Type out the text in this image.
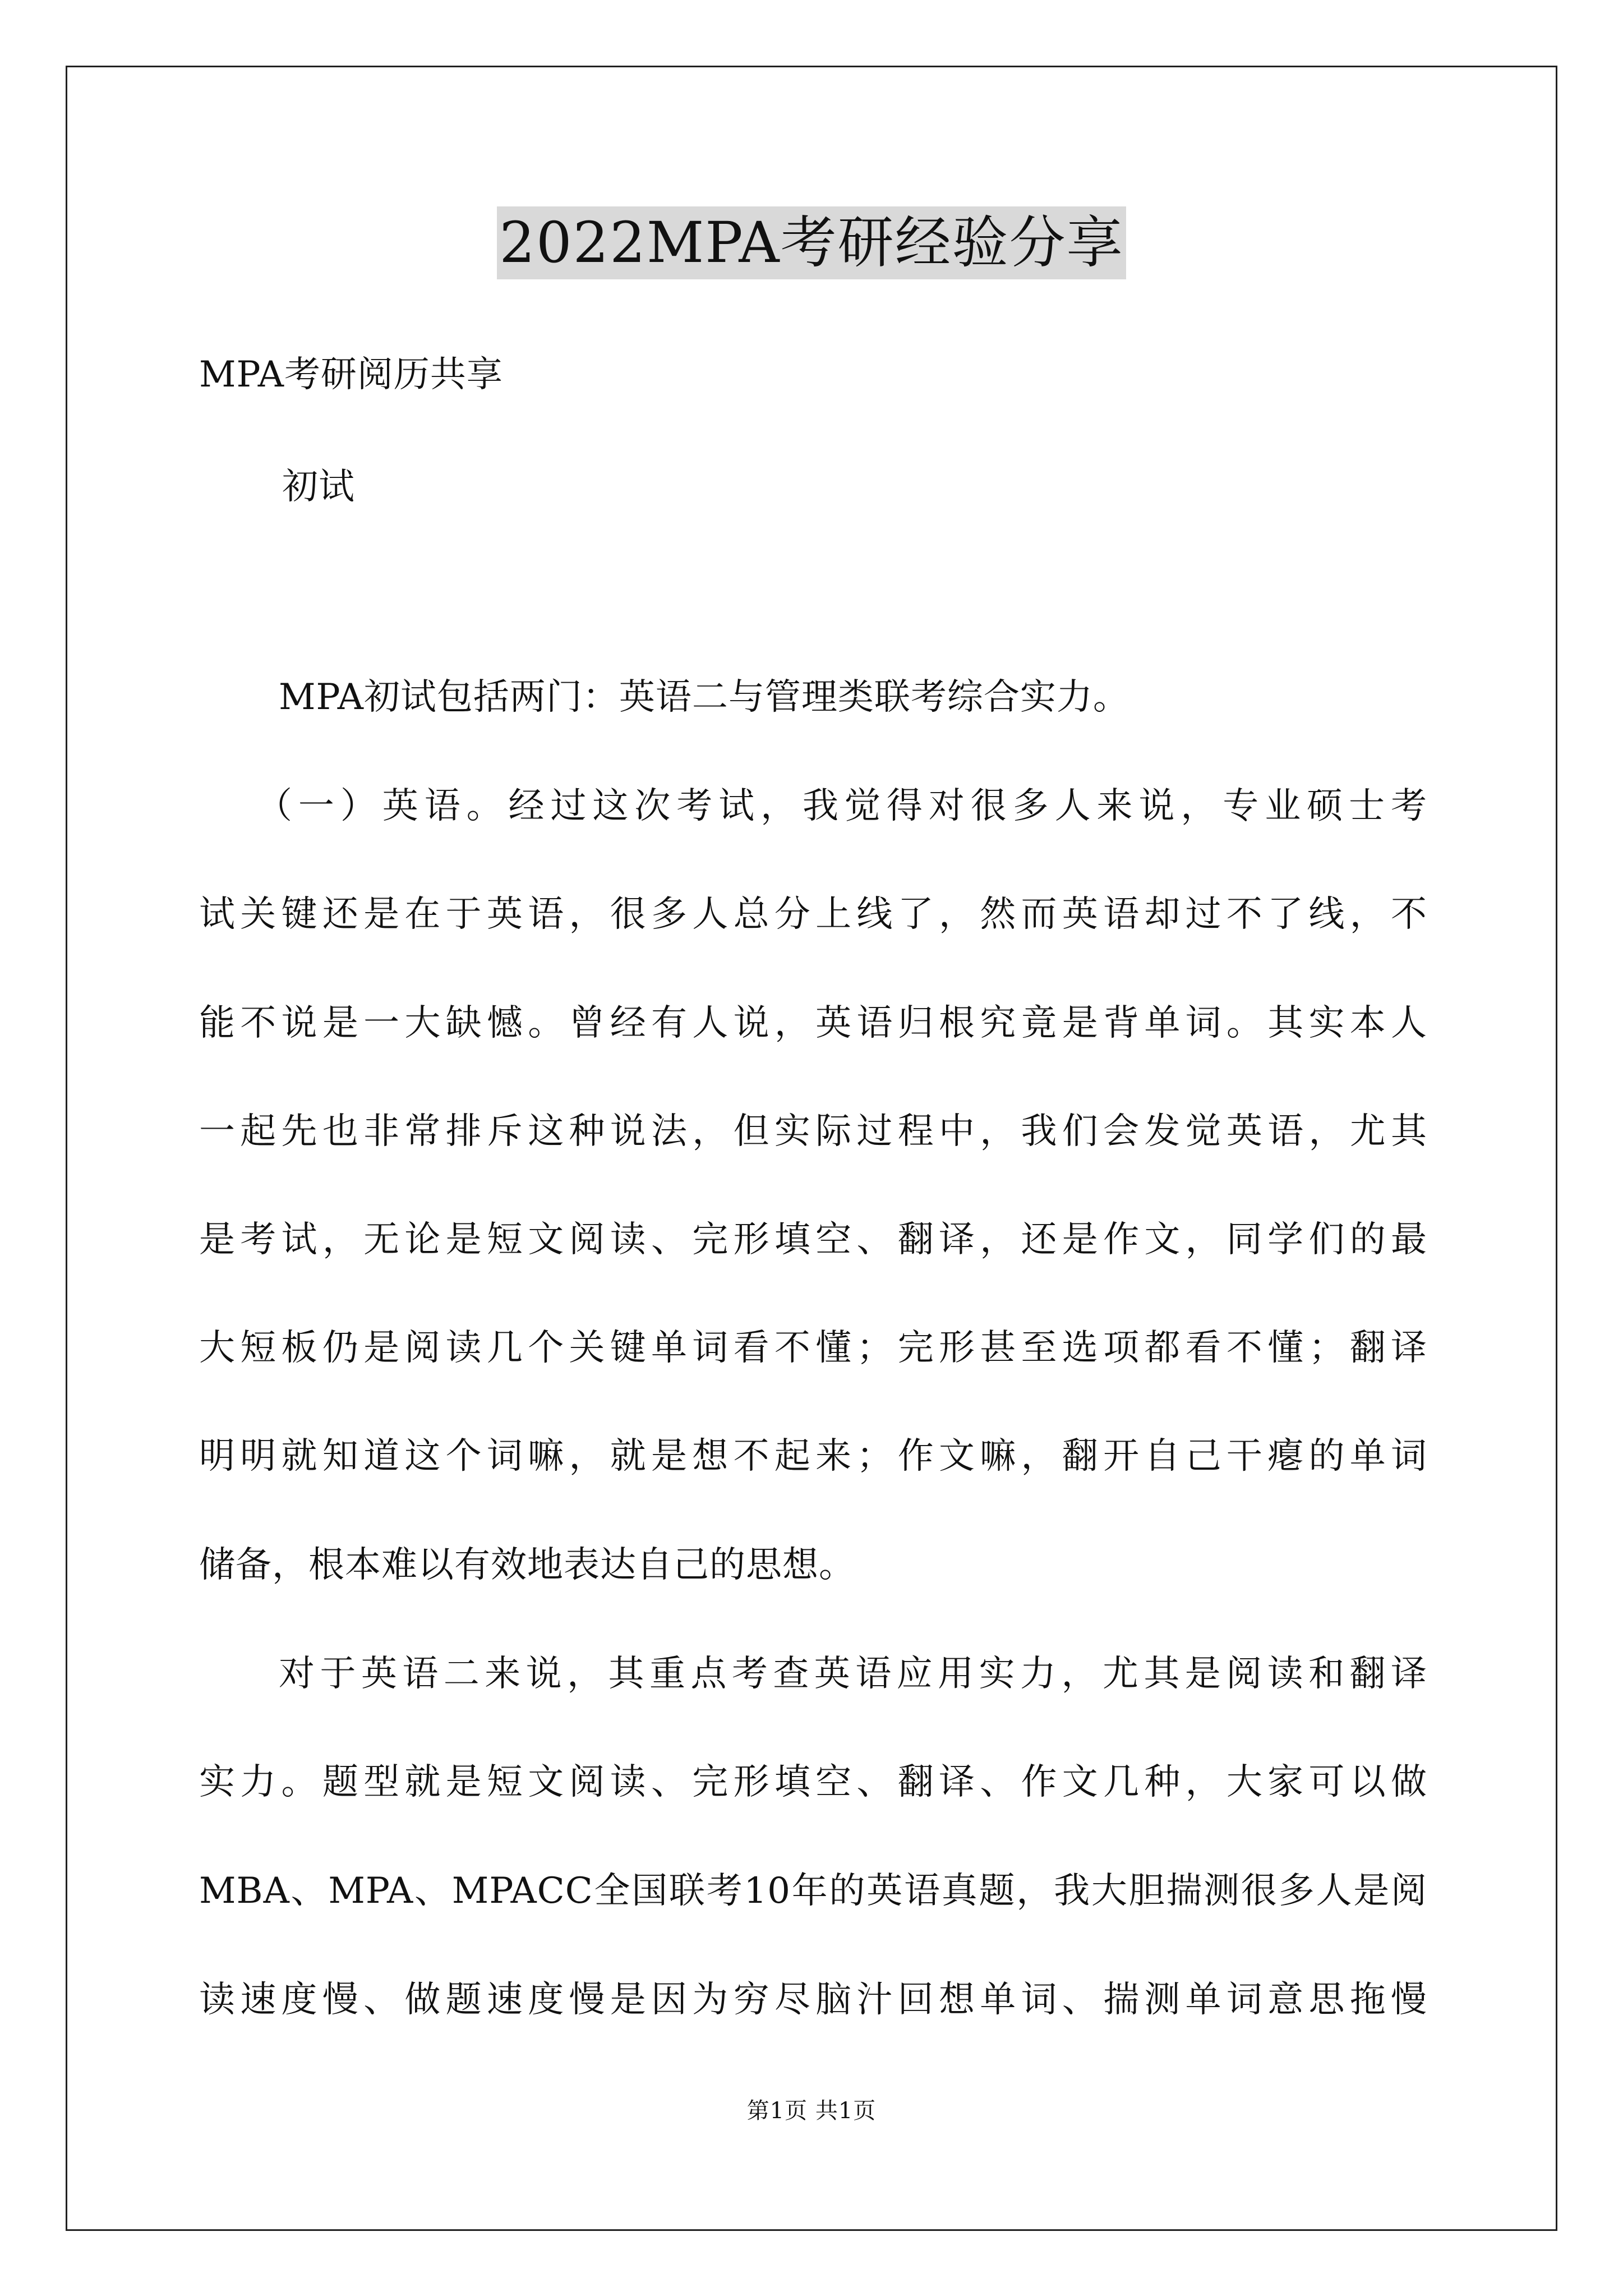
2022MPA考研经验分享
MPA考研阅历共享
初试
MPA初试包括两门：英语二与管理类联考综合实力。
（一）英语。经过这次考试，我觉得对很多人来说，专业硕士考
试关键还是在于英语，很多人总分上线了，然而英语却过不了线，不
能不说是一大缺憾。曾经有人说，英语归根究竟是背单词。其实本人
一起先也非常排斥这种说法，但实际过程中，我们会发觉英语，尤其
是考试，无论是短文阅读、完形填空、翻译，还是作文，同学们的最
大短板仍是阅读几个关键单词看不懂；完形甚至选项都看不懂；翻译
明明就知道这个词嘛，就是想不起来；作文嘛，翻开自己干瘪的单词
储备，根本难以有效地表达自己的思想。
对于英语二来说，其重点考查英语应用实力，尤其是阅读和翻译
实力。题型就是短文阅读、完形填空、翻译、作文几种，大家可以做
MBA、MPA、MPACC全国联考10年的英语真题，我大胆揣测很多人是阅
读速度慢、做题速度慢是因为穷尽脑汁回想单词、揣测单词意思拖慢
第1页 共1页
